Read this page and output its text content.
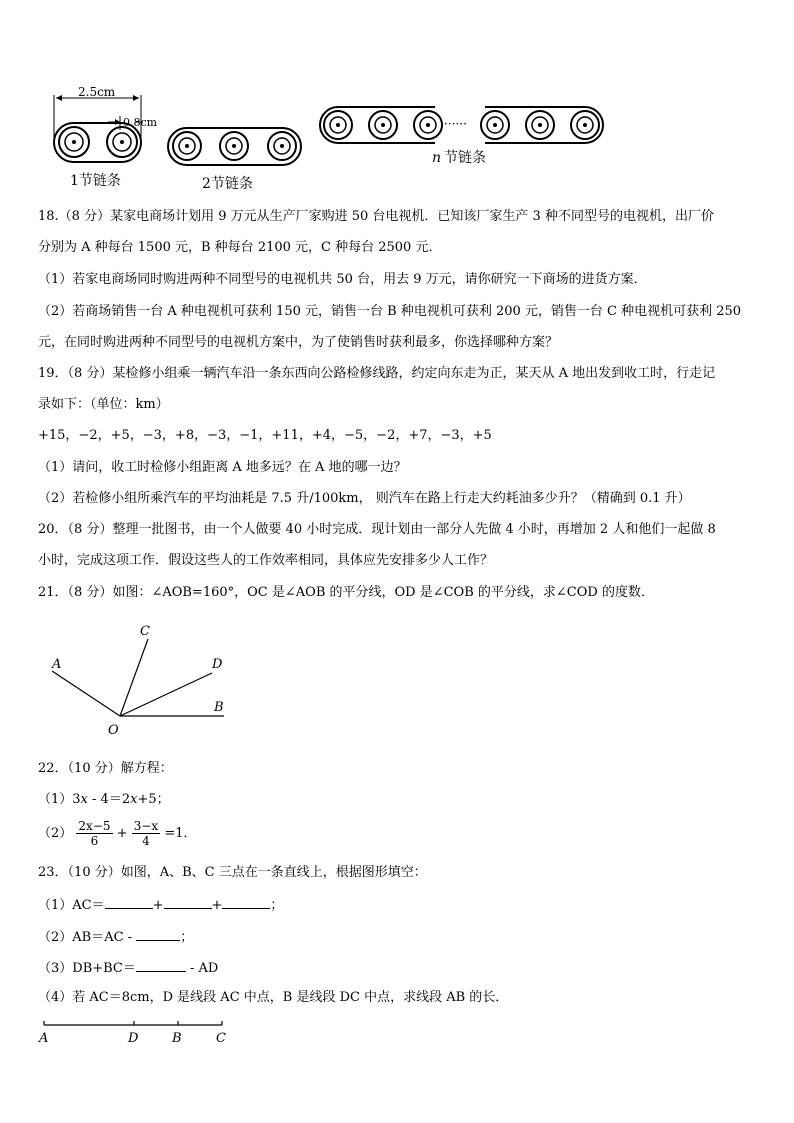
2.5cm
0.8cm
1节链条	2节链条
······
n 节链条
18.（8 分）某家电商场计划用 9 万元从生产厂家购进 50 台电视机．已知该厂家生产 3 种不同型号的电视机，出厂价
分别为 A 种每台 1500 元，B 种每台 2100 元，C 种每台 2500 元．
（1）若家电商场同时购进两种不同型号的电视机共 50 台，用去 9 万元，请你研究一下商场的进货方案．
（2）若商场销售一台 A 种电视机可获利 150 元，销售一台 B 种电视机可获利 200 元，销售一台 C 种电视机可获利 250
元，在同时购进两种不同型号的电视机方案中，为了使销售时获利最多，你选择哪种方案？
19．（8 分）某检修小组乘一辆汽车沿一条东西向公路检修线路，约定向东走为正，某天从 A 地出发到收工时，行走记
录如下：（单位：km）
+15，−2，+5，−3，+8，−3，−1，+11，+4，−5，−2，+7，−3，+5
（1）请问，收工时检修小组距离 A 地多远？在 A 地的哪一边？
（2）若检修小组所乘汽车的平均油耗是 7.5 升/100km， 则汽车在路上行走大约耗油多少升？（精确到 0.1 升）
20．（8 分）整理一批图书，由一个人做要 40 小时完成．现计划由一部分人先做 4 小时，再增加 2 人和他们一起做 8
小时，完成这项工作．假设这些人的工作效率相同，具体应先安排多少人工作？
21．（8 分）如图：∠AOB=160°，OC 是∠AOB 的平分线，OD 是∠COB 的平分线，求∠COD 的度数．
A
C
D
B
O
22．（10 分）解方程：
（1）3x - 4＝2x+5；
$(2) \frac{2x-5}{6} + \frac{3-x}{4} =1$．
23．（10 分）如图，A、B、C 三点在一条直线上，根据图形填空：
（1）AC＝	+	+	；
（2）AB＝AC -	；
（3）DB+BC＝	- AD
（4）若 AC＝8cm，D 是线段 AC 中点，B 是线段 DC 中点，求线段 AB 的长．
A	D	B	C
